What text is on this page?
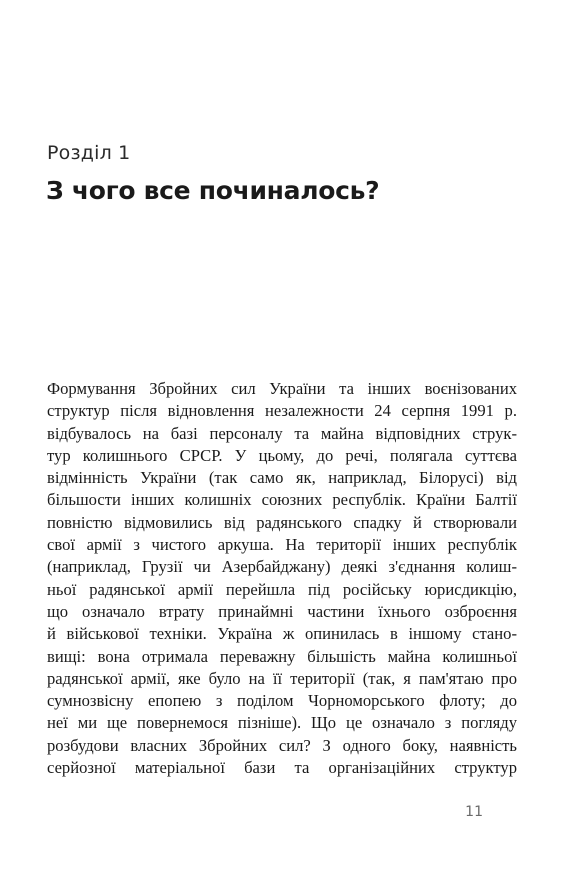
Розділ 1
З чого все починалось?
Формування Збройних сил України та інших воєнізованих
структур після відновлення незалежности 24 серпня 1991 р.
відбувалось на базі персоналу та майна відповідних струк-
тур колишнього СРСР. У цьому, до речі, полягала суттєва
відмінність України (так само як, наприклад, Білорусі) від
більшости інших колишніх союзних республік. Країни Балтії
повністю відмовились від радянського спадку й створювали
свої армії з чистого аркуша. На території інших республік
(наприклад, Грузії чи Азербайджану) деякі з'єднання колиш-
ньої радянської армії перейшла під російську юрисдикцію,
що означало втрату принаймні частини їхнього озброєння
й військової техніки. Україна ж опинилась в іншому стано-
вищі: вона отримала переважну більшість майна колишньої
радянської армії, яке було на її території (так, я пам'ятаю про
сумнозвісну епопею з поділом Чорноморського флоту; до
неї ми ще повернемося пізніше). Що це означало з погляду
розбудови власних Збройних сил? З одного боку, наявність
серйозної матеріальної бази та організаційних структур
11
